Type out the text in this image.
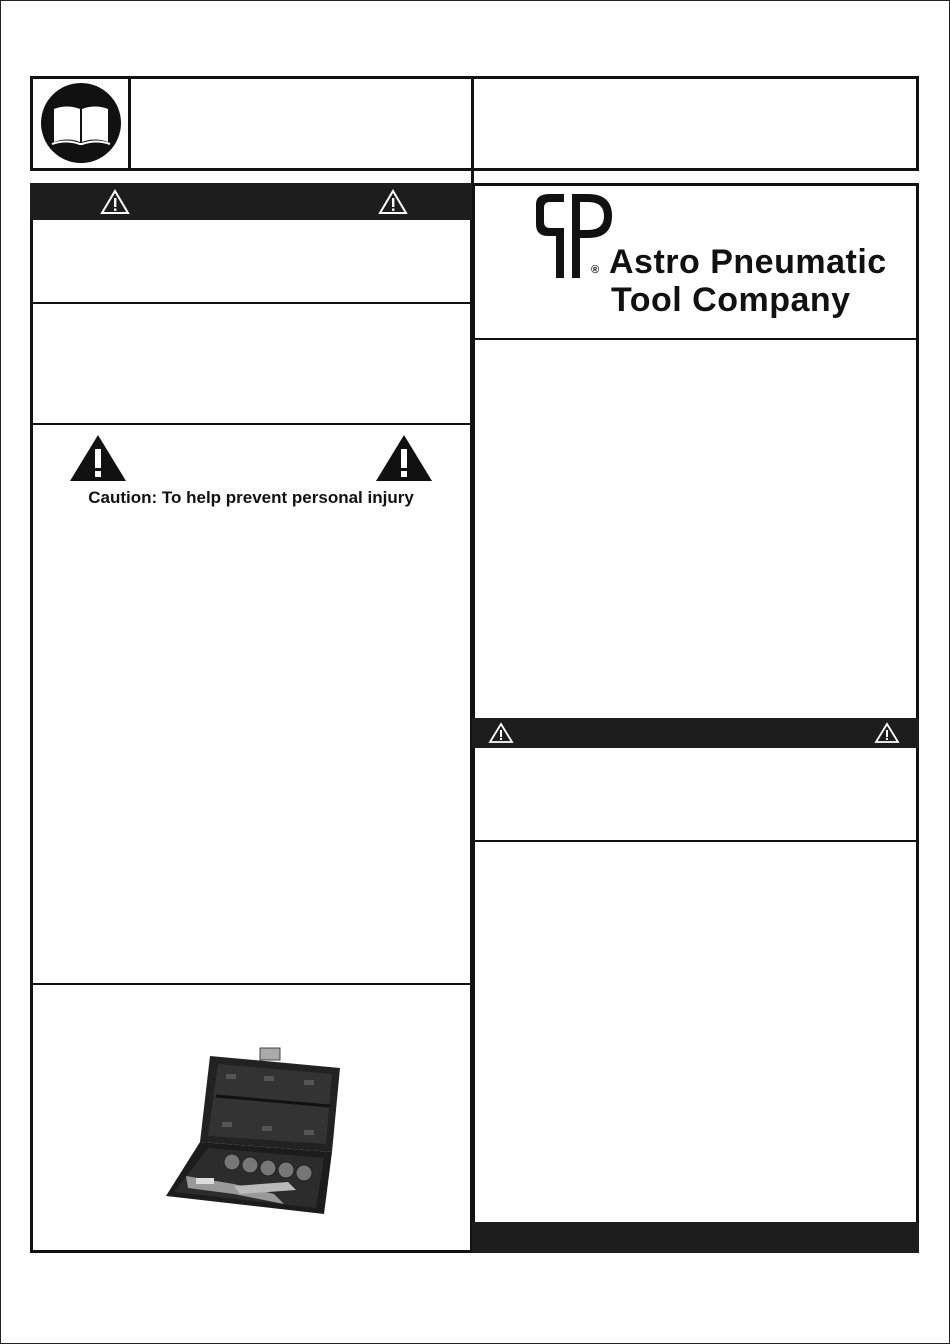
Caution: To help prevent personal injury
® Astro Pneumatic
Tool Company
